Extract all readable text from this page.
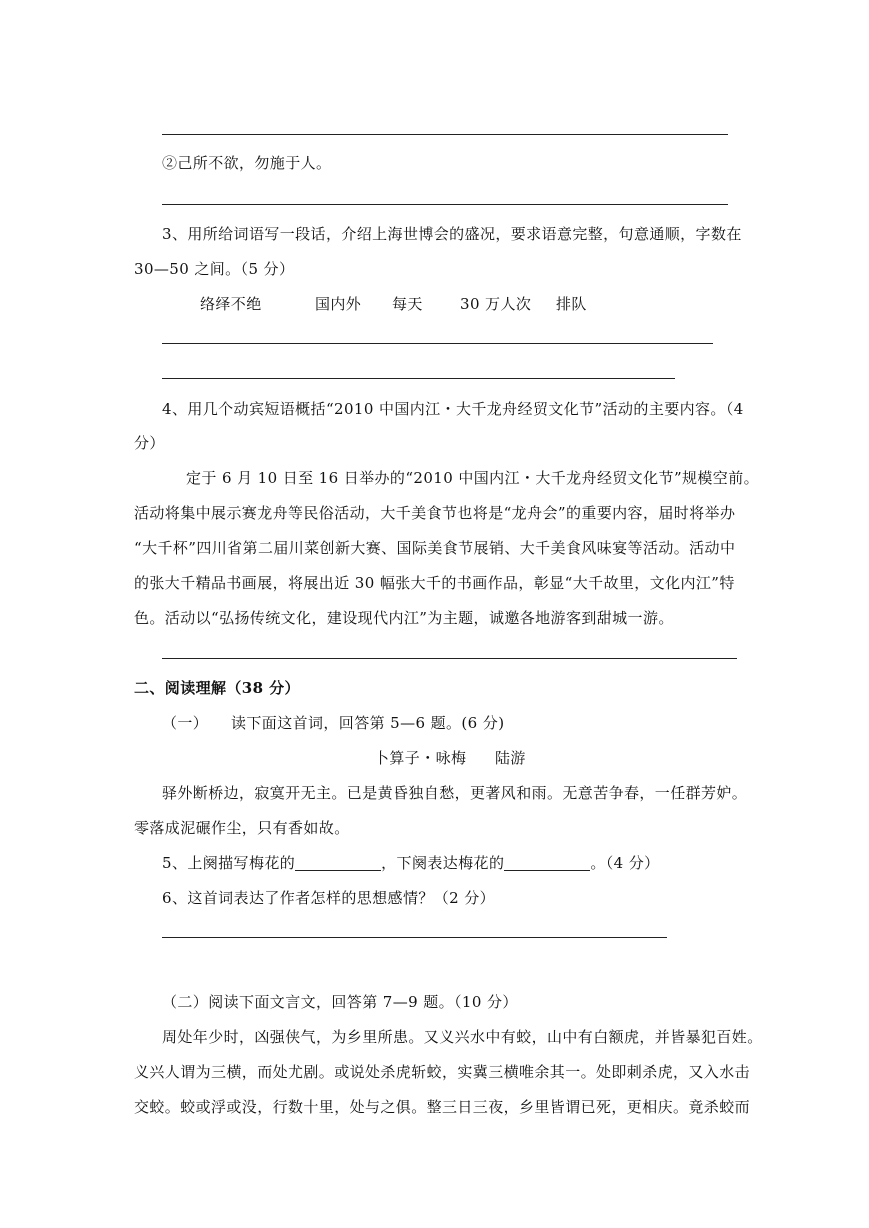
②己所不欲，勿施于人。
3、用所给词语写一段话，介绍上海世博会的盛况，要求语意完整，句意通顺，字数在
30—50 之间。（5 分）
络绎不绝	国内外 每天 30 万人次 排队
4、用几个动宾短语概括“2010 中国内江・大千龙舟经贸文化节”活动的主要内容。（4
分）
定于 6 月 10 日至 16 日举办的“2010 中国内江・大千龙舟经贸文化节”规模空前。
活动将集中展示赛龙舟等民俗活动，大千美食节也将是“龙舟会”的重要内容，届时将举办
“大千杯”四川省第二届川菜创新大赛、国际美食节展销、大千美食风味宴等活动。活动中
的张大千精品书画展，将展出近 30 幅张大千的书画作品，彰显“大千故里，文化内江”特
色。活动以“弘扬传统文化，建设现代内江”为主题，诚邀各地游客到甜城一游。
二、阅读理解（38 分）
（一） 读下面这首词，回答第 5—6 题。(6 分)
卜算子・咏梅 陆游
驿外断桥边，寂寞开无主。已是黄昏独自愁，更著风和雨。无意苦争春，一任群芳妒。
零落成泥碾作尘，只有香如故。
5、上阕描写梅花的	，下阕表达梅花的	。（4 分）
6、这首词表达了作者怎样的思想感情？（2 分）
（二）阅读下面文言文，回答第 7—9 题。（10 分）
周处年少时，凶强侠气，为乡里所患。又义兴水中有蛟，山中有白额虎，并皆暴犯百姓。
义兴人谓为三横，而处尤剧。或说处杀虎斩蛟，实冀三横唯余其一。处即刺杀虎，又入水击
交蛟。蛟或浮或没，行数十里，处与之俱。整三日三夜，乡里皆谓已死，更相庆。竟杀蛟而
